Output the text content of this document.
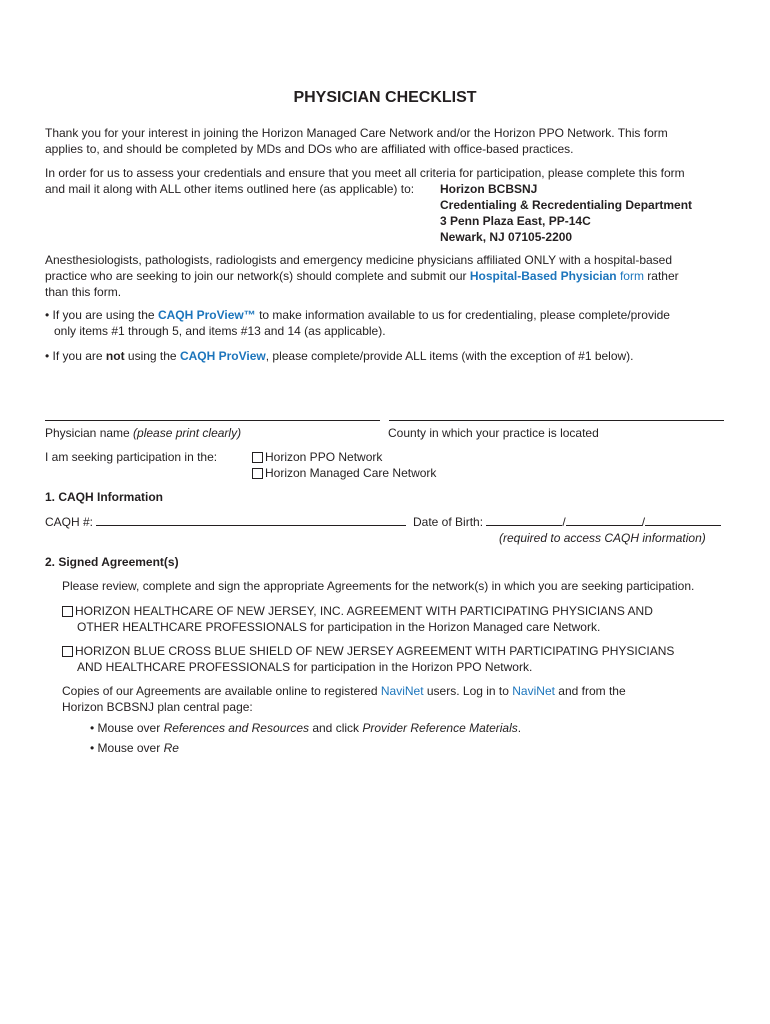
PHYSICIAN CHECKLIST
Thank you for your interest in joining the Horizon Managed Care Network and/or the Horizon PPO Network. This form
applies to, and should be completed by MDs and DOs who are affiliated with office-based practices.
In order for us to assess your credentials and ensure that you meet all criteria for participation, please complete this form
and mail it along with ALL other items outlined here (as applicable) to: Horizon BCBSNJ
Credentialing & Recredentialing Department
3 Penn Plaza East, PP-14C
Newark, NJ 07105-2200
Anesthesiologists, pathologists, radiologists and emergency medicine physicians affiliated ONLY with a hospital-based
practice who are seeking to join our network(s) should complete and submit our Hospital-Based Physician form rather
than this form.
• If you are using the CAQH ProView™ to make information available to us for credentialing, please complete/provide
only items #1 through 5, and items #13 and 14 (as applicable).
• If you are not using the CAQH ProView, please complete/provide ALL items (with the exception of #1 below).
Physician name (please print clearly)	County in which your practice is located
I am seeking participation in the:	Horizon PPO Network
Horizon Managed Care Network
1. CAQH Information
CAQH #:	Date of Birth:	/	/
(required to access CAQH information)
2. Signed Agreement(s)
Please review, complete and sign the appropriate Agreements for the network(s) in which you are seeking participation.
HORIZON HEALTHCARE OF NEW JERSEY, INC. AGREEMENT WITH PARTICIPATING PHYSICIANS AND
OTHER HEALTHCARE PROFESSIONALS for participation in the Horizon Managed care Network.
HORIZON BLUE CROSS BLUE SHIELD OF NEW JERSEY AGREEMENT WITH PARTICIPATING PHYSICIANS
AND HEALTHCARE PROFESSIONALS for participation in the Horizon PPO Network.
Copies of our Agreements are available online to registered NaviNet users. Log in to NaviNet and from the
Horizon BCBSNJ plan central page:
• Mouse over References and Resources and click Provider Reference Materials.
• Mouse over Re
